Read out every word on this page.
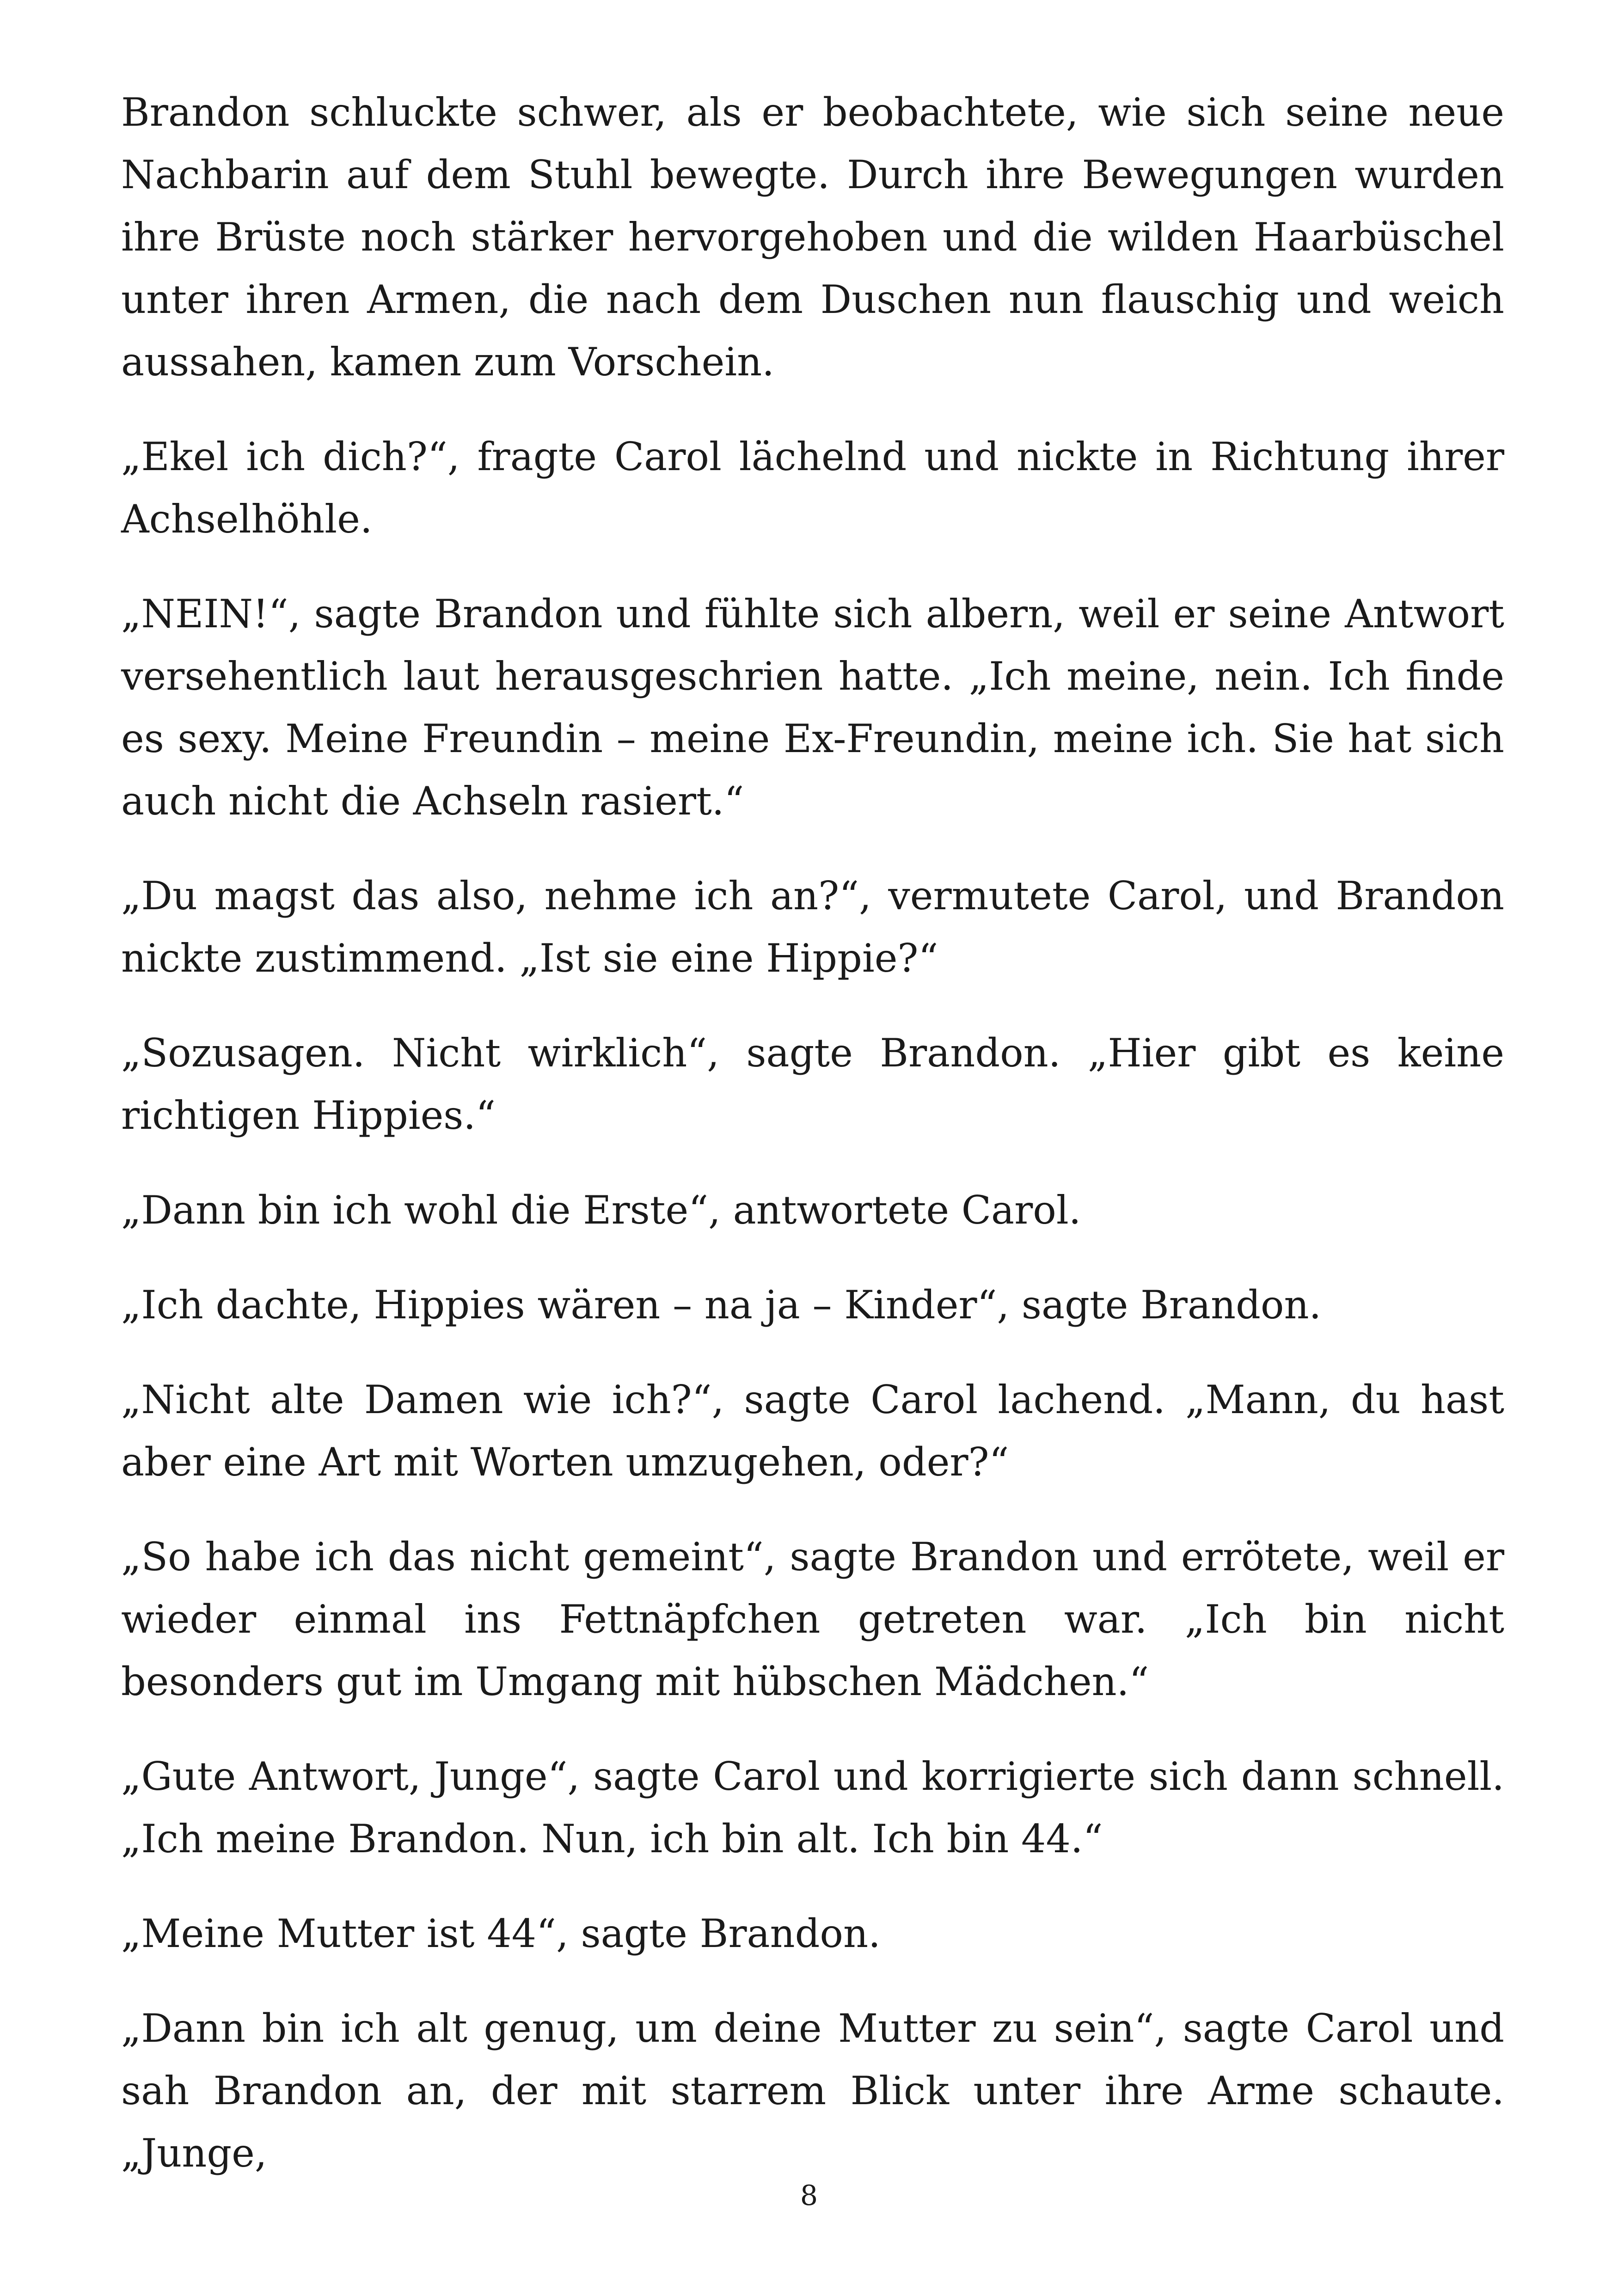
Brandon schluckte schwer, als er beobachtete, wie sich seine neue Nachbarin auf dem Stuhl bewegte. Durch ihre Bewegungen wurden ihre Brüste noch stärker hervorgehoben und die wilden Haarbüschel unter ihren Armen, die nach dem Duschen nun flauschig und weich aussahen, kamen zum Vorschein.

„Ekel ich dich?“, fragte Carol lächelnd und nickte in Richtung ihrer Achselhöhle.

„NEIN!“, sagte Brandon und fühlte sich albern, weil er seine Antwort versehentlich laut herausgeschrien hatte. „Ich meine, nein. Ich finde es sexy. Meine Freundin – meine Ex-Freundin, meine ich. Sie hat sich auch nicht die Achseln rasiert.“

„Du magst das also, nehme ich an?“, vermutete Carol, und Brandon nickte zustimmend. „Ist sie eine Hippie?“

„Sozusagen. Nicht wirklich“, sagte Brandon. „Hier gibt es keine richtigen Hippies.“

„Dann bin ich wohl die Erste“, antwortete Carol.

„Ich dachte, Hippies wären – na ja – Kinder“, sagte Brandon.

„Nicht alte Damen wie ich?“, sagte Carol lachend. „Mann, du hast aber eine Art mit Worten umzugehen, oder?“

„So habe ich das nicht gemeint“, sagte Brandon und errötete, weil er wieder einmal ins Fettnäpfchen getreten war. „Ich bin nicht besonders gut im Umgang mit hübschen Mädchen.“

„Gute Antwort, Junge“, sagte Carol und korrigierte sich dann schnell. „Ich meine Brandon. Nun, ich bin alt. Ich bin 44.“

„Meine Mutter ist 44“, sagte Brandon.

„Dann bin ich alt genug, um deine Mutter zu sein“, sagte Carol und sah Brandon an, der mit starrem Blick unter ihre Arme schaute. „Junge,

8
